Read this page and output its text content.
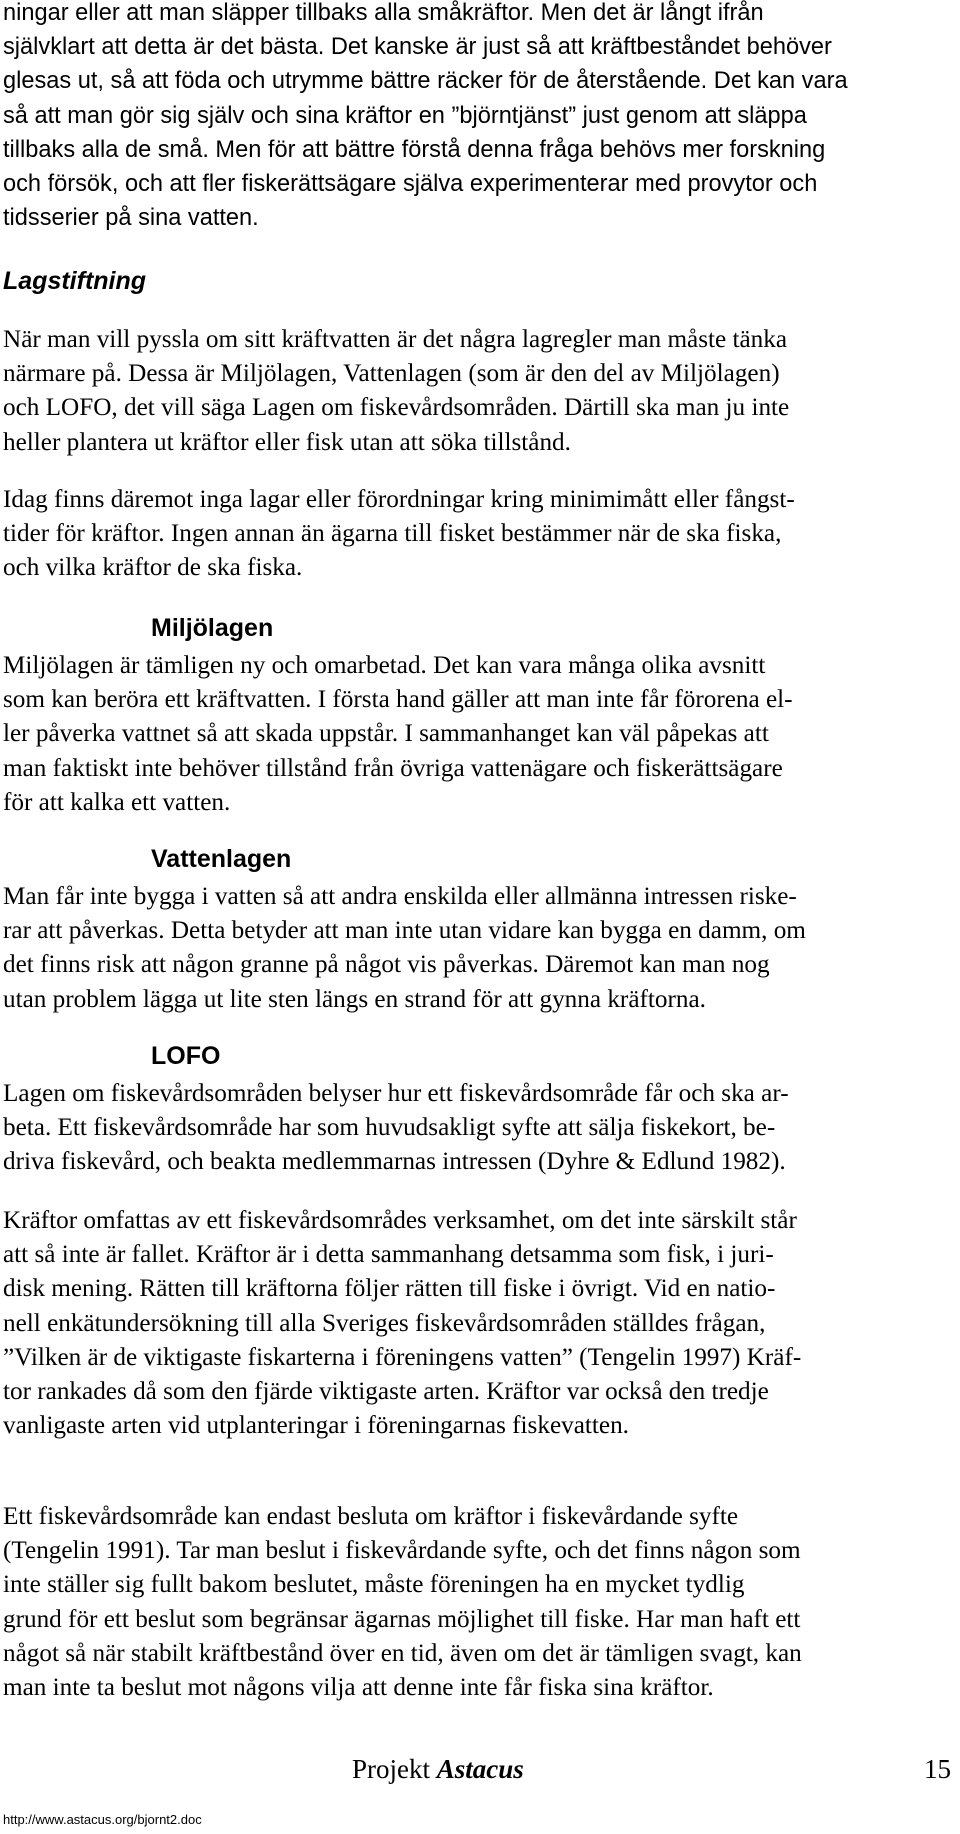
ningar eller att man släpper tillbaks alla småkräftor. Men det är långt ifrån
självklart att detta är det bästa. Det kanske är just så att kräftbeståndet behöver
glesas ut, så att föda och utrymme bättre räcker för de återstående. Det kan vara
så att man gör sig själv och sina kräftor en ”björntjänst” just genom att släppa
tillbaks alla de små. Men för att bättre förstå denna fråga behövs mer forskning
och försök, och att fler fiskerättsägare själva experimenterar med provytor och
tidsserier på sina vatten.
Lagstiftning
När man vill pyssla om sitt kräftvatten är det några lagregler man måste tänka
närmare på. Dessa är Miljölagen, Vattenlagen (som är den del av Miljölagen)
och LOFO, det vill säga Lagen om fiskevårdsområden. Därtill ska man ju inte
heller plantera ut kräftor eller fisk utan att söka tillstånd.
Idag finns däremot inga lagar eller förordningar kring minimimått eller fångst-
tider för kräftor. Ingen annan än ägarna till fisket bestämmer när de ska fiska,
och vilka kräftor de ska fiska.
Miljölagen
Miljölagen är tämligen ny och omarbetad. Det kan vara många olika avsnitt
som kan beröra ett kräftvatten. I första hand gäller att man inte får förorena el-
ler påverka vattnet så att skada uppstår. I sammanhanget kan väl påpekas att
man faktiskt inte behöver tillstånd från övriga vattenägare och fiskerättsägare
för att kalka ett vatten.
Vattenlagen
Man får inte bygga i vatten så att andra enskilda eller allmänna intressen riske-
rar att påverkas. Detta betyder att man inte utan vidare kan bygga en damm, om
det finns risk att någon granne på något vis påverkas. Däremot kan man nog
utan problem lägga ut lite sten längs en strand för att gynna kräftorna.
LOFO
Lagen om fiskevårdsområden belyser hur ett fiskevårdsområde får och ska ar-
beta. Ett fiskevårdsområde har som huvudsakligt syfte att sälja fiskekort, be-
driva fiskevård, och beakta medlemmarnas intressen (Dyhre & Edlund 1982).
Kräftor omfattas av ett fiskevårdsområdes verksamhet, om det inte särskilt står
att så inte är fallet. Kräftor är i detta sammanhang detsamma som fisk, i juri-
disk mening. Rätten till kräftorna följer rätten till fiske i övrigt. Vid en natio-
nell enkätundersökning till alla Sveriges fiskevårdsområden ställdes frågan,
”Vilken är de viktigaste fiskarterna i föreningens vatten” (Tengelin 1997) Kräf-
tor rankades då som den fjärde viktigaste arten. Kräftor var också den tredje
vanligaste arten vid utplanteringar i föreningarnas fiskevatten.
Ett fiskevårdsområde kan endast besluta om kräftor i fiskevårdande syfte
(Tengelin 1991). Tar man beslut i fiskevårdande syfte, och det finns någon som
inte ställer sig fullt bakom beslutet, måste föreningen ha en mycket tydlig
grund för ett beslut som begränsar ägarnas möjlighet till fiske. Har man haft ett
något så när stabilt kräftbestånd över en tid, även om det är tämligen svagt, kan
man inte ta beslut mot någons vilja att denne inte får fiska sina kräftor.
Projekt Astacus	15
http://www.astacus.org/bjornt2.doc
